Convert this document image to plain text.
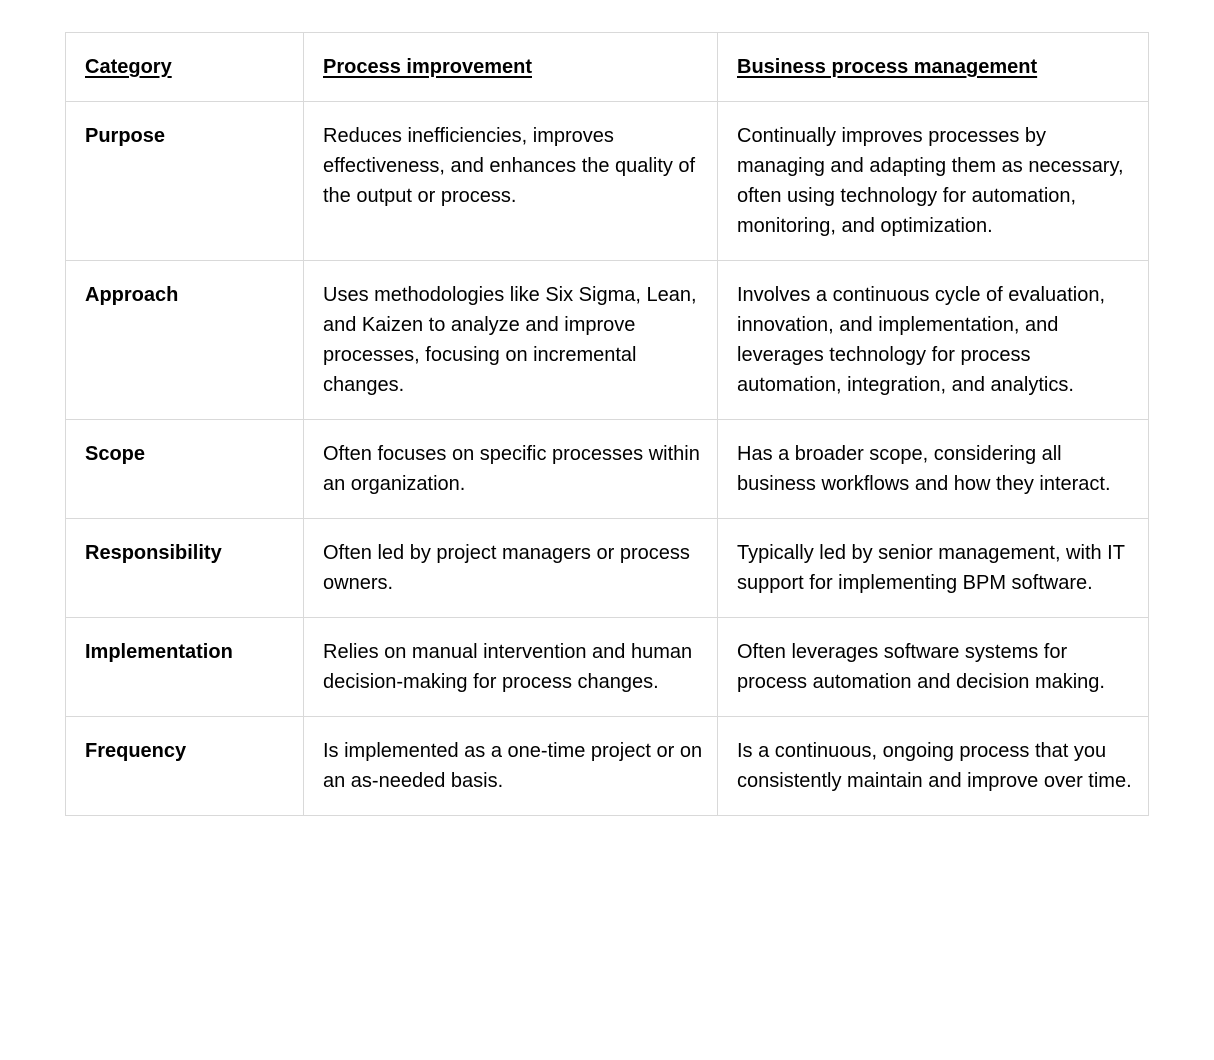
Category	Process improvement	Business process management
Purpose	Reduces inefficiencies, improves effectiveness, and enhances the quality of the output or process.	Continually improves processes by managing and adapting them as necessary, often using technology for automation, monitoring, and optimization.
Approach	Uses methodologies like Six Sigma, Lean, and Kaizen to analyze and improve processes, focusing on incremental changes.	Involves a continuous cycle of evaluation, innovation, and implementation, and leverages technology for process automation, integration, and analytics.
Scope	Often focuses on specific processes within an organization.	Has a broader scope, considering all business workflows and how they interact.
Responsibility	Often led by project managers or process owners.	Typically led by senior management, with IT support for implementing BPM software.
Implementation	Relies on manual intervention and human decision-making for process changes.	Often leverages software systems for process automation and decision making.
Frequency	Is implemented as a one-time project or on an as-needed basis.	Is a continuous, ongoing process that you consistently maintain and improve over time.
